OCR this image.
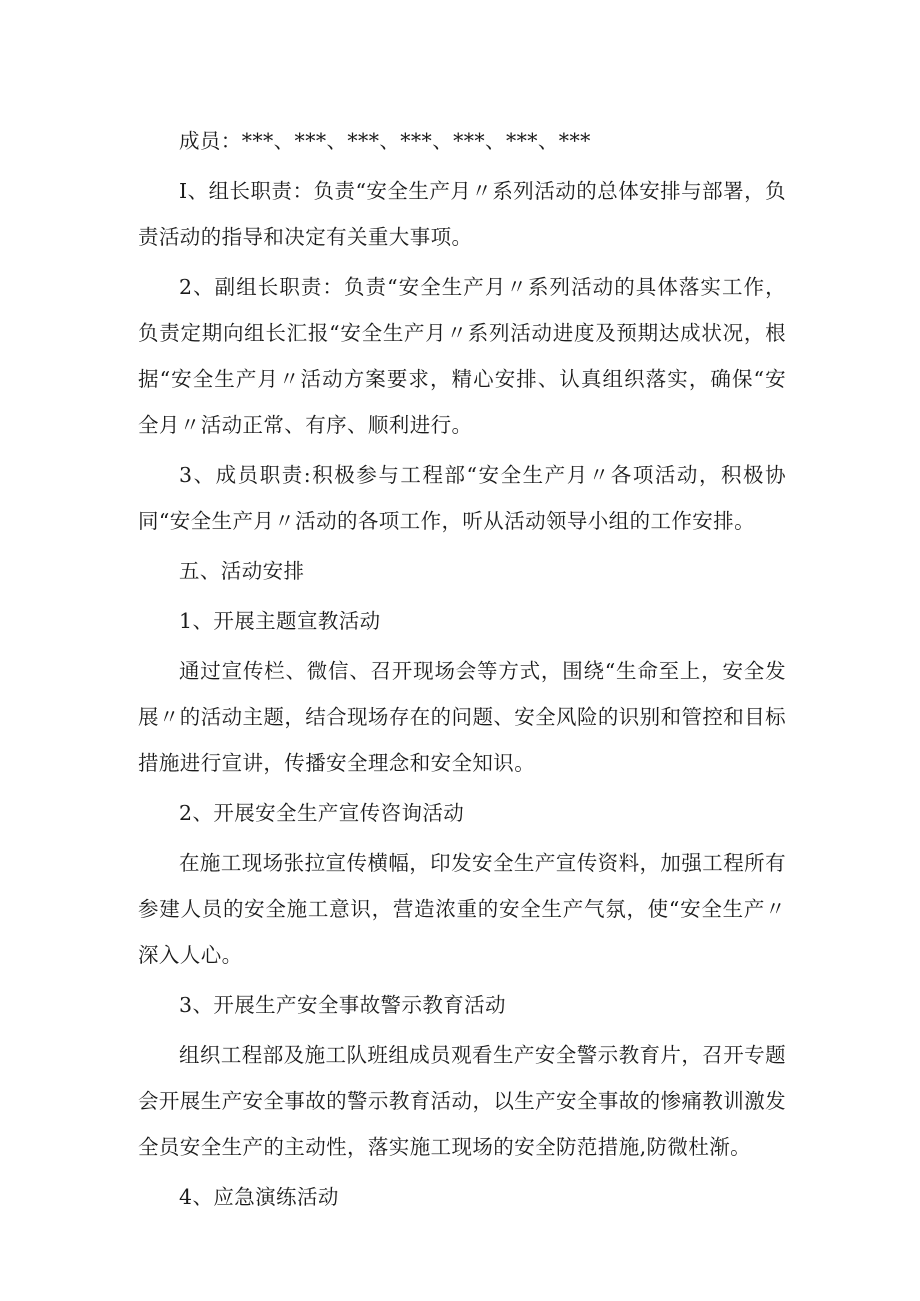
成员：***、***、***、***、***、***、***

I、组长职责：负责“安全生产月〃系列活动的总体安排与部署，负责活动的指导和决定有关重大事项。

2、副组长职责：负责“安全生产月〃系列活动的具体落实工作，负责定期向组长汇报“安全生产月〃系列活动进度及预期达成状况，根据“安全生产月〃活动方案要求，精心安排、认真组织落实，确保“安全月〃活动正常、有序、顺利进行。

3、成员职责:积极参与工程部“安全生产月〃各项活动，积极协同“安全生产月〃活动的各项工作，听从活动领导小组的工作安排。

五、活动安排

1、开展主题宣教活动

通过宣传栏、微信、召开现场会等方式，围绕“生命至上，安全发展〃的活动主题，结合现场存在的问题、安全风险的识别和管控和目标措施进行宣讲，传播安全理念和安全知识。

2、开展安全生产宣传咨询活动

在施工现场张拉宣传横幅，印发安全生产宣传资料，加强工程所有参建人员的安全施工意识，营造浓重的安全生产气氛，使“安全生产〃深入人心。

3、开展生产安全事故警示教育活动

组织工程部及施工队班组成员观看生产安全警示教育片，召开专题会开展生产安全事故的警示教育活动，以生产安全事故的惨痛教训激发全员安全生产的主动性，落实施工现场的安全防范措施,防微杜渐。

4、应急演练活动
